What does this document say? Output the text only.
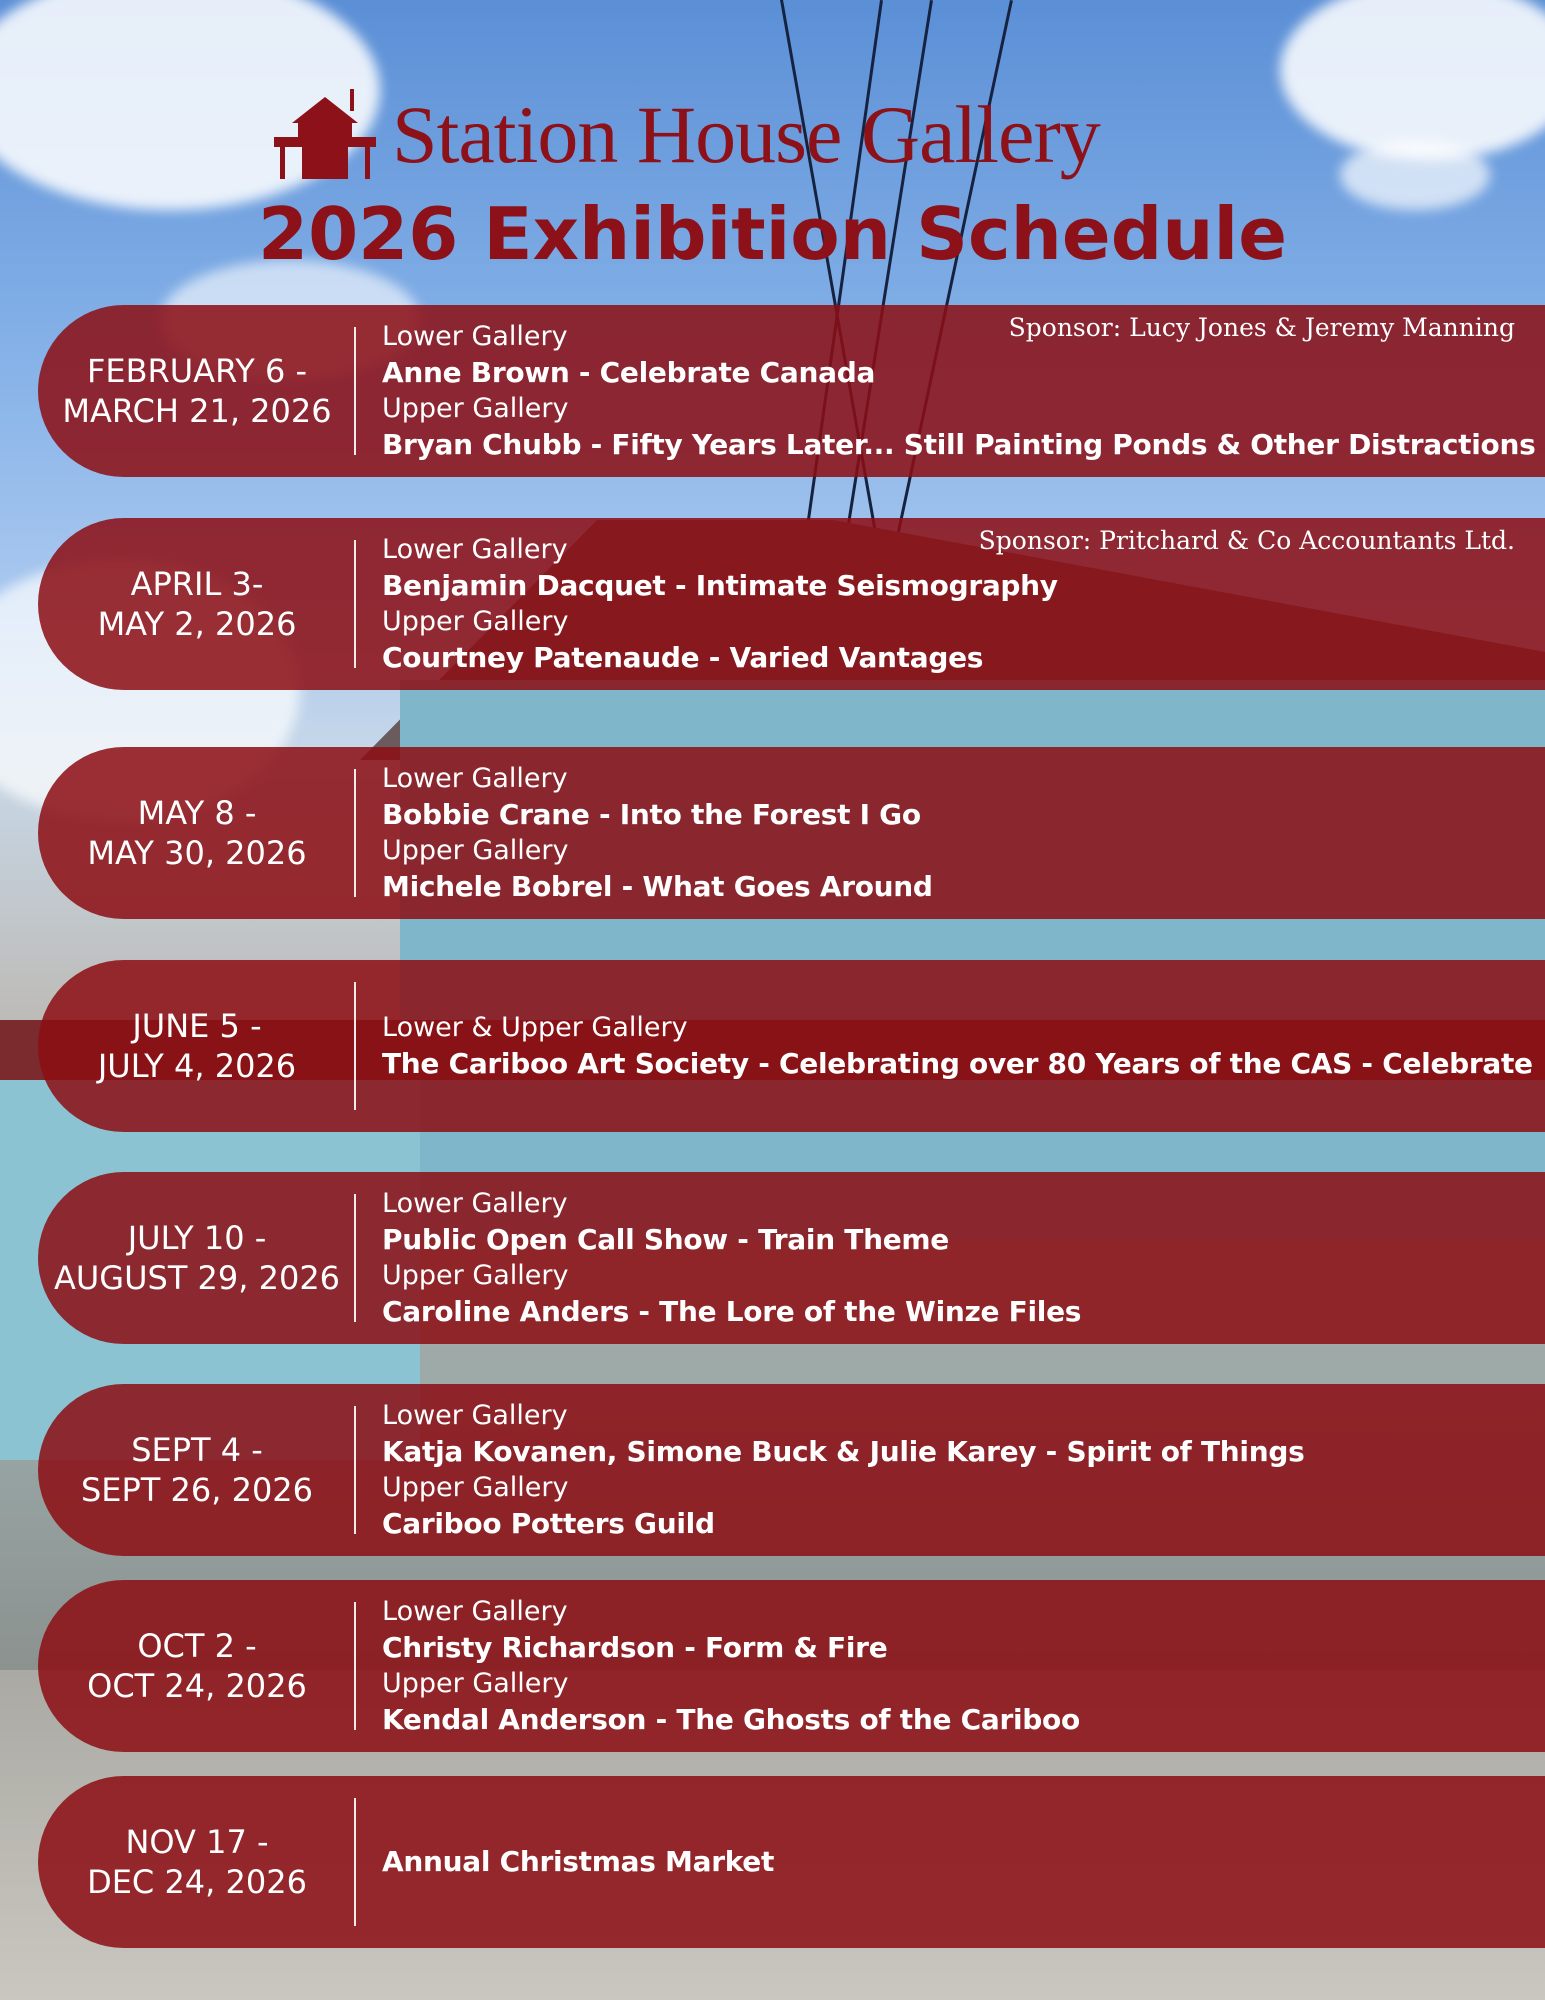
Station House Gallery
2026 Exhibition Schedule
FEBRUARY 6 -
MARCH 21, 2026
Sponsor: Lucy Jones & Jeremy Manning
Lower Gallery
Anne Brown - Celebrate Canada
Upper Gallery
Bryan Chubb - Fifty Years Later... Still Painting Ponds & Other Distractions
APRIL 3-
MAY 2, 2026
Sponsor: Pritchard & Co Accountants Ltd.
Lower Gallery
Benjamin Dacquet - Intimate Seismography
Upper Gallery
Courtney Patenaude - Varied Vantages
MAY 8 -
MAY 30, 2026
Lower Gallery
Bobbie Crane - Into the Forest I Go
Upper Gallery
Michele Bobrel - What Goes Around
JUNE 5 -
JULY 4, 2026
Lower & Upper Gallery
The Cariboo Art Society - Celebrating over 80 Years of the CAS - Celebrate
JULY 10 -
AUGUST 29, 2026
Lower Gallery
Public Open Call Show - Train Theme
Upper Gallery
Caroline Anders - The Lore of the Winze Files
SEPT 4 -
SEPT 26, 2026
Lower Gallery
Katja Kovanen, Simone Buck & Julie Karey - Spirit of Things
Upper Gallery
Cariboo Potters Guild
OCT 2 -
OCT 24, 2026
Lower Gallery
Christy Richardson - Form & Fire
Upper Gallery
Kendal Anderson - The Ghosts of the Cariboo
NOV 17 -
DEC 24, 2026
Annual Christmas Market
